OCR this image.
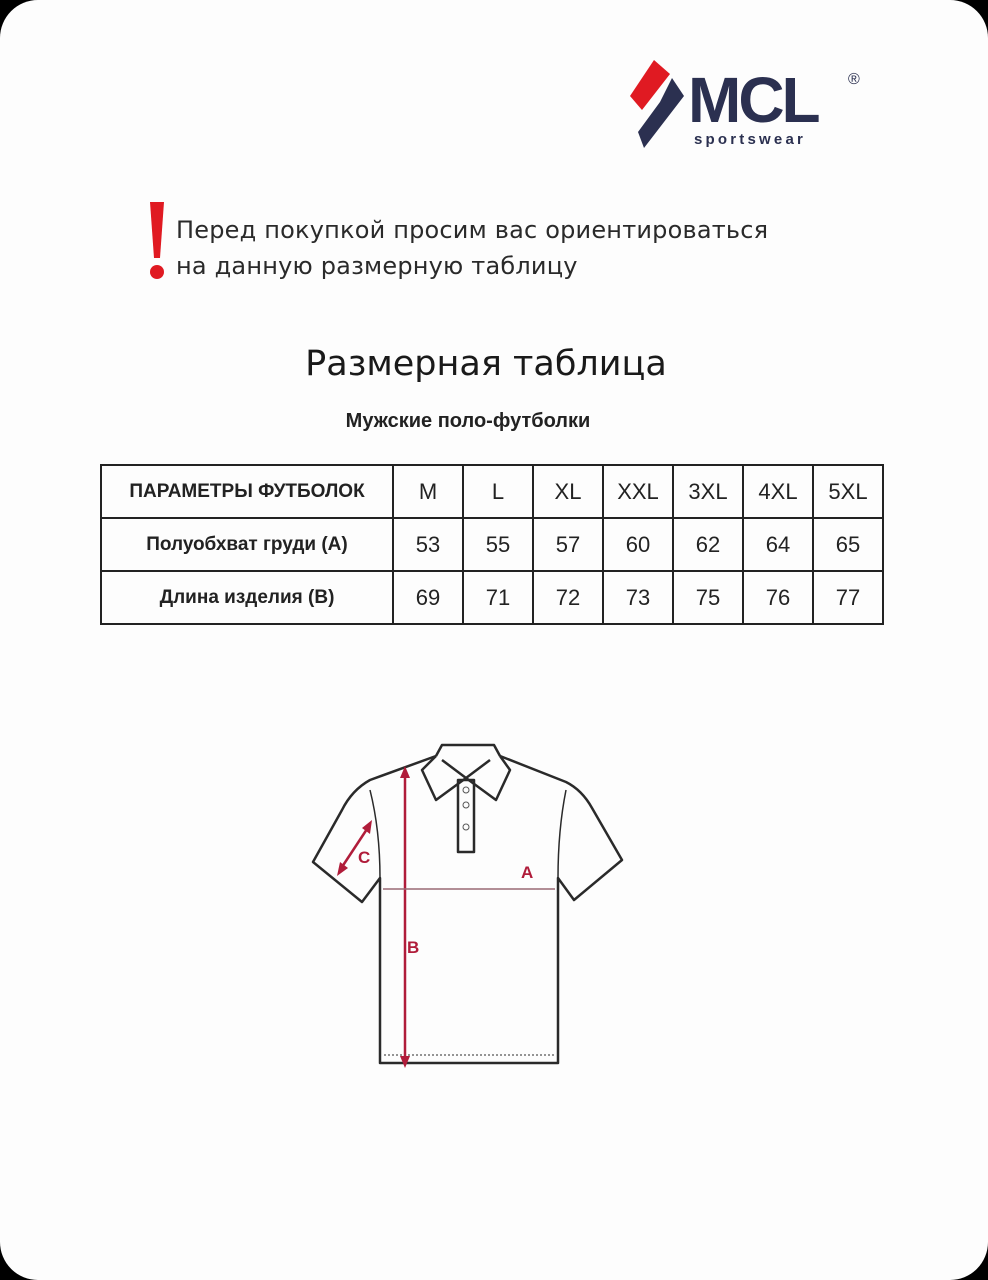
MCL ®
sportswear
Перед покупкой просим вас ориентироваться
на данную размерную таблицу
Размерная таблица
Мужские поло-футболки
ПАРАМЕТРЫ ФУТБОЛОК	M	L	XL	XXL	3XL	4XL	5XL
Полуобхват груди (A)	53	55	57	60	62	64	65
Длина изделия (B)	69	71	72	73	75	76	77
A
B
C
